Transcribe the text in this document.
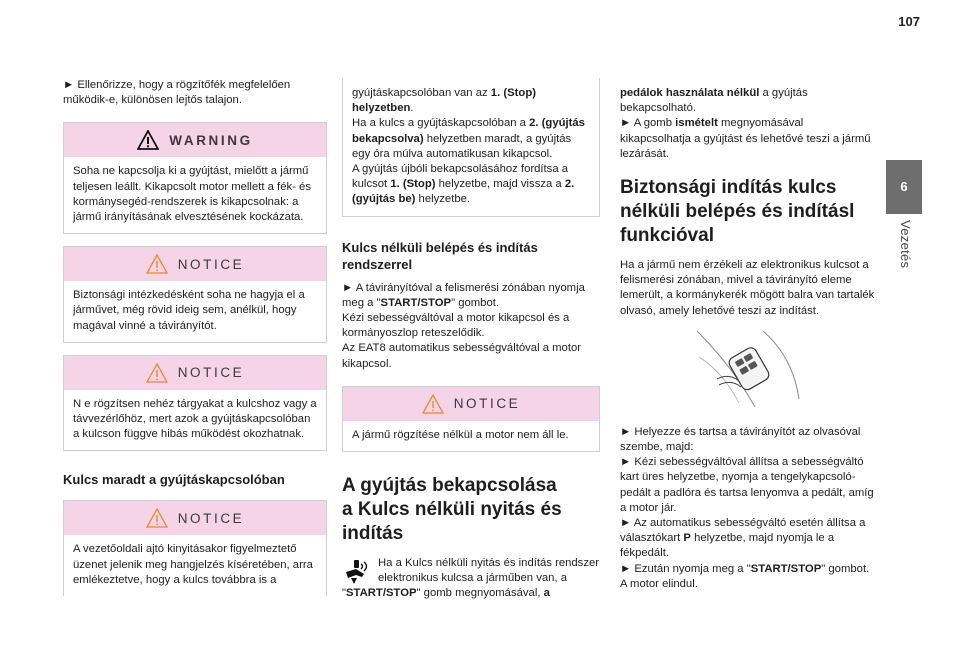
107
6
Vezetés

► Ellenőrizze, hogy a rögzítőfék megfelelően működik-e, különösen lejtős talajon.

WARNING

Soha ne kapcsolja ki a gyújtást, mielőtt a jármű teljesen leállt. Kikapcsolt motor mellett a fék- és kormánysegéd-rendszerek is kikapcsolnak: a jármű irányításának elvesztésének kockázata.

NOTICE

Biztonsági intézkedésként soha ne hagyja el a járművet, még rövid ideig sem, anélkül, hogy magával vinné a távirányítót.

NOTICE

N e rögzítsen nehéz tárgyakat a kulcshoz vagy a távvezérlőhöz, mert azok a gyújtáskapcsolóban a kulcson függve hibás működést okozhatnak.

Kulcs maradt a gyújtáskapcsolóban
NOTICE

A vezetőoldali ajtó kinyitásakor figyelmeztető üzenet jelenik meg hangjelzés kíséretében, arra emlékeztetve, hogy a kulcs továbbra is a

gyújtáskapcsolóban van az 1. (Stop) helyzetben.

Ha a kulcs a gyújtáskapcsolóban a 2. (gyújtás bekapcsolva) helyzetben maradt, a gyújtás egy óra múlva automatikusan kikapcsol.

A gyújtás újbóli bekapcsolásához fordítsa a kulcsot 1. (Stop) helyzetbe, majd vissza a 2. (gyújtás be) helyzetbe.

Kulcs nélküli belépés és indítás rendszerrel

► A távirányítóval a felismerési zónában nyomja meg a "START/STOP" gombot.

Kézi sebességváltóval a motor kikapcsol és a kormányoszlop reteszelődik.

Az EAT8 automatikus sebességváltóval a motor kikapcsol.

NOTICE

A jármű rögzítése nélkül a motor nem áll le.

A gyújtás bekapcsolása
a Kulcs nélküli nyitás és
indítás

Ha a Kulcs nélküli nyitás és indítás rendszer elektronikus kulcsa a járműben van, a "START/STOP" gomb megnyomásával, a

pedálok használata nélkül a gyújtás bekapcsolható.

► A gomb ismételt megnyomásával kikapcsolhatja a gyújtást és lehetővé teszi a jármű lezárását.

Biztonsági indítás kulcs nélküli belépés és indításl funkcióval

Ha a jármű nem érzékeli az elektronikus kulcsot a felismerési zónában, mivel a távirányító eleme lemerült, a kormánykerék mögött balra van tartalék olvasó, amely lehetővé teszi az indítást.

► Helyezze és tartsa a távirányítót az olvasóval szembe, majd:

► Kézi sebességváltóval állítsa a sebességváltó kart üres helyzetbe, nyomja a tengelykapcsoló-pedált a padlóra és tartsa lenyomva a pedált, amíg a motor jár.

► Az automatikus sebességváltó esetén állítsa a választókart P helyzetbe, majd nyomja le a fékpedált.

► Ezután nyomja meg a "START/STOP" gombot.

A motor elindul.
